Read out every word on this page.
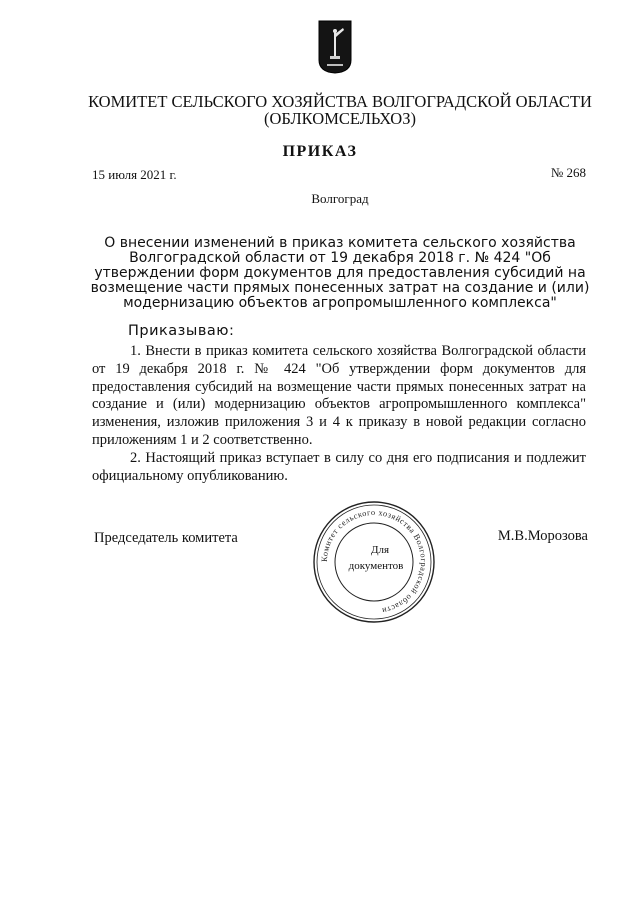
КОМИТЕТ СЕЛЬСКОГО ХОЗЯЙСТВА ВОЛГОГРАДСКОЙ ОБЛАСТИ
(ОБЛКОМСЕЛЬХОЗ)
ПРИКАЗ
15 июля 2021 г.	№ 268
Волгоград
О внесении изменений в приказ комитета сельского хозяйства Волгоградской области от 19 декабря 2018 г. № 424 "Об утверждении форм документов для предоставления субсидий на возмещение части прямых понесенных затрат на создание и (или) модернизацию объектов агропромышленного комплекса"
Приказываю:
1. Внести в приказ комитета сельского хозяйства Волгоградской области от 19 декабря 2018 г. № 424 "Об утверждении форм документов для предоставления субсидий на возмещение части прямых понесенных затрат на создание и (или) модернизацию объектов агропромышленного комплекса" изменения, изложив приложения 3 и 4 к приказу в новой редакции согласно приложениям 1 и 2 соответственно.
2. Настоящий приказ вступает в силу со дня его подписания и подлежит официальному опубликованию.
Председатель комитета	М.В.Морозова
Комитет сельского хозяйства Волгоградской области
Для
документов
